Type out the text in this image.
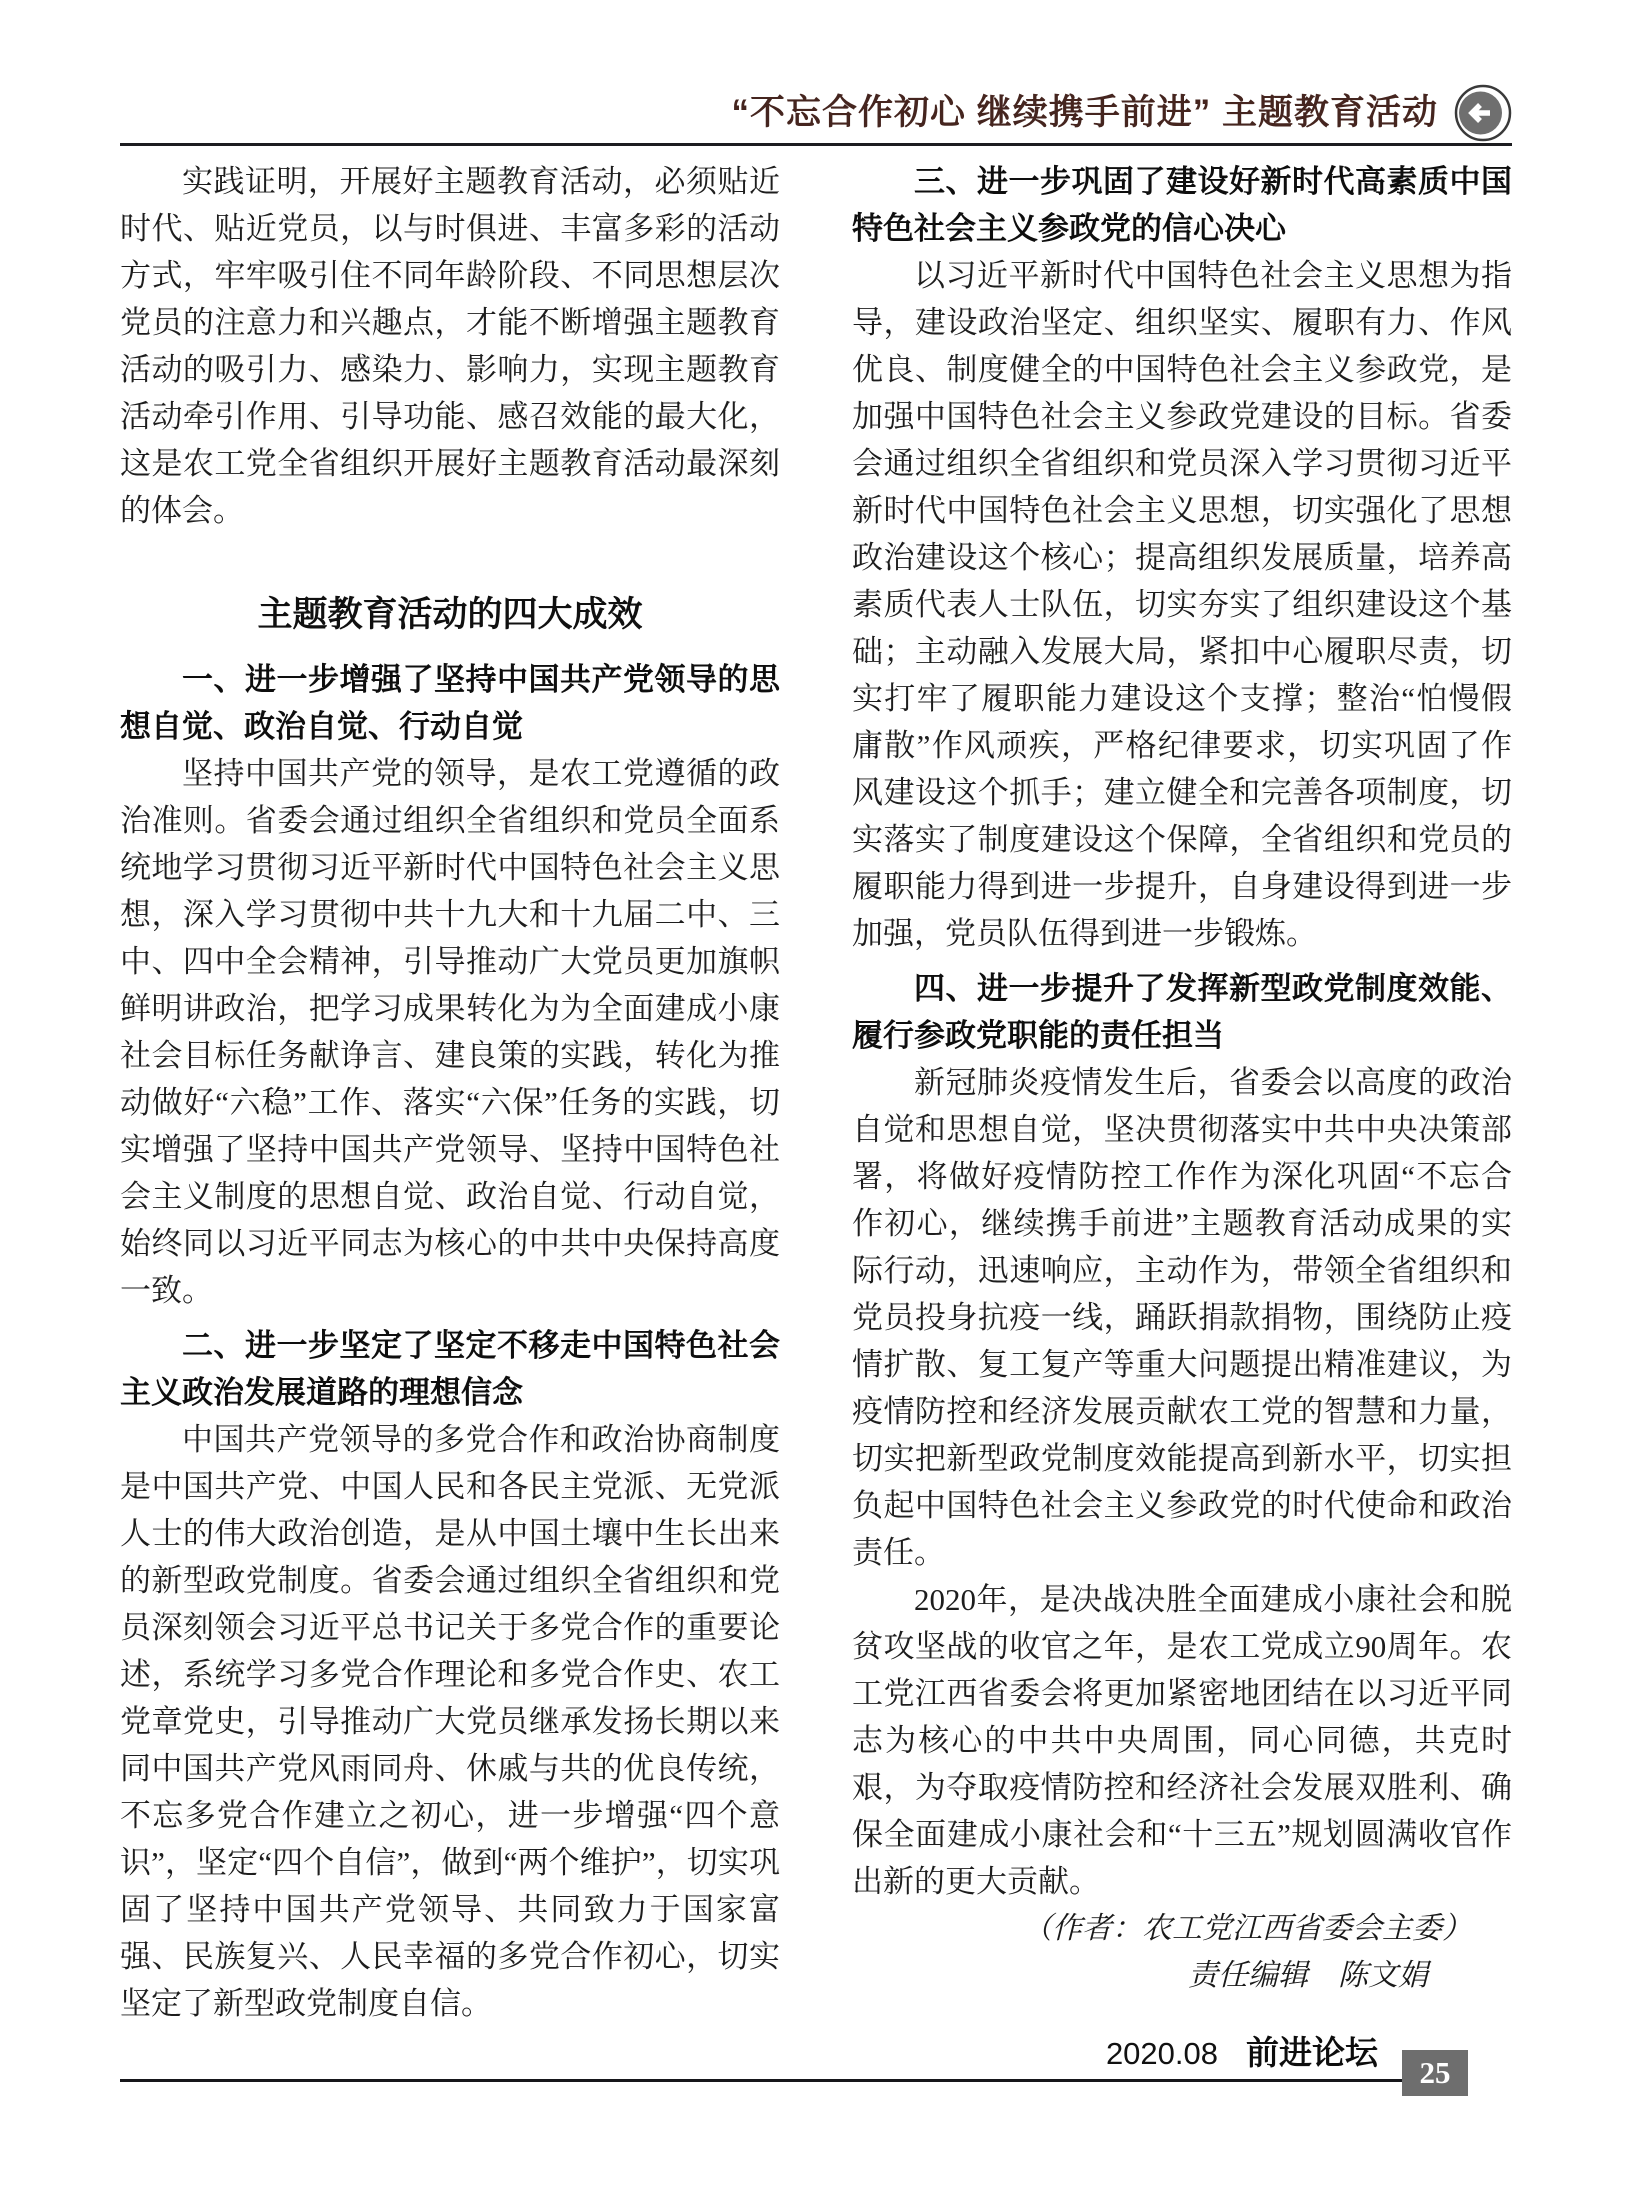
“不忘合作初心 继续携手前进” 主题教育活动

实践证明，开展好主题教育活动，必须贴近时代、贴近党员，以与时俱进、丰富多彩的活动方式，牢牢吸引住不同年龄阶段、不同思想层次党员的注意力和兴趣点，才能不断增强主题教育活动的吸引力、感染力、影响力，实现主题教育活动牵引作用、引导功能、感召效能的最大化，这是农工党全省组织开展好主题教育活动最深刻的体会。

主题教育活动的四大成效
一、进一步增强了坚持中国共产党领导的思想自觉、政治自觉、行动自觉

坚持中国共产党的领导，是农工党遵循的政治准则。省委会通过组织全省组织和党员全面系统地学习贯彻习近平新时代中国特色社会主义思想，深入学习贯彻中共十九大和十九届二中、三中、四中全会精神，引导推动广大党员更加旗帜鲜明讲政治，把学习成果转化为为全面建成小康社会目标任务献诤言、建良策的实践，转化为推动做好“六稳”工作、落实“六保”任务的实践，切实增强了坚持中国共产党领导、坚持中国特色社会主义制度的思想自觉、政治自觉、行动自觉，始终同以习近平同志为核心的中共中央保持高度一致。

二、进一步坚定了坚定不移走中国特色社会主义政治发展道路的理想信念

中国共产党领导的多党合作和政治协商制度是中国共产党、中国人民和各民主党派、无党派人士的伟大政治创造，是从中国土壤中生长出来的新型政党制度。省委会通过组织全省组织和党员深刻领会习近平总书记关于多党合作的重要论述，系统学习多党合作理论和多党合作史、农工党章党史，引导推动广大党员继承发扬长期以来同中国共产党风雨同舟、休戚与共的优良传统，不忘多党合作建立之初心，进一步增强“四个意识”，坚定“四个自信”，做到“两个维护”，切实巩固了坚持中国共产党领导、共同致力于国家富强、民族复兴、人民幸福的多党合作初心，切实坚定了新型政党制度自信。

三、进一步巩固了建设好新时代高素质中国特色社会主义参政党的信心决心

以习近平新时代中国特色社会主义思想为指导，建设政治坚定、组织坚实、履职有力、作风优良、制度健全的中国特色社会主义参政党，是加强中国特色社会主义参政党建设的目标。省委会通过组织全省组织和党员深入学习贯彻习近平新时代中国特色社会主义思想，切实强化了思想政治建设这个核心；提高组织发展质量，培养高素质代表人士队伍，切实夯实了组织建设这个基础；主动融入发展大局，紧扣中心履职尽责，切实打牢了履职能力建设这个支撑；整治“怕慢假庸散”作风顽疾，严格纪律要求，切实巩固了作风建设这个抓手；建立健全和完善各项制度，切实落实了制度建设这个保障，全省组织和党员的履职能力得到进一步提升，自身建设得到进一步加强，党员队伍得到进一步锻炼。

四、进一步提升了发挥新型政党制度效能、履行参政党职能的责任担当

新冠肺炎疫情发生后，省委会以高度的政治自觉和思想自觉，坚决贯彻落实中共中央决策部署，将做好疫情防控工作作为深化巩固“不忘合作初心，继续携手前进”主题教育活动成果的实际行动，迅速响应，主动作为，带领全省组织和党员投身抗疫一线，踊跃捐款捐物，围绕防止疫情扩散、复工复产等重大问题提出精准建议，为疫情防控和经济发展贡献农工党的智慧和力量，切实把新型政党制度效能提高到新水平，切实担负起中国特色社会主义参政党的时代使命和政治责任。

2020年，是决战决胜全面建成小康社会和脱贫攻坚战的收官之年，是农工党成立90周年。农工党江西省委会将更加紧密地团结在以习近平同志为核心的中共中央周围，同心同德，共克时艰，为夺取疫情防控和经济社会发展双胜利、确保全面建成小康社会和“十三五”规划圆满收官作出新的更大贡献。

（作者：农工党江西省委会主委）

责任编辑　陈文娟

2020.08 前进论坛
25
